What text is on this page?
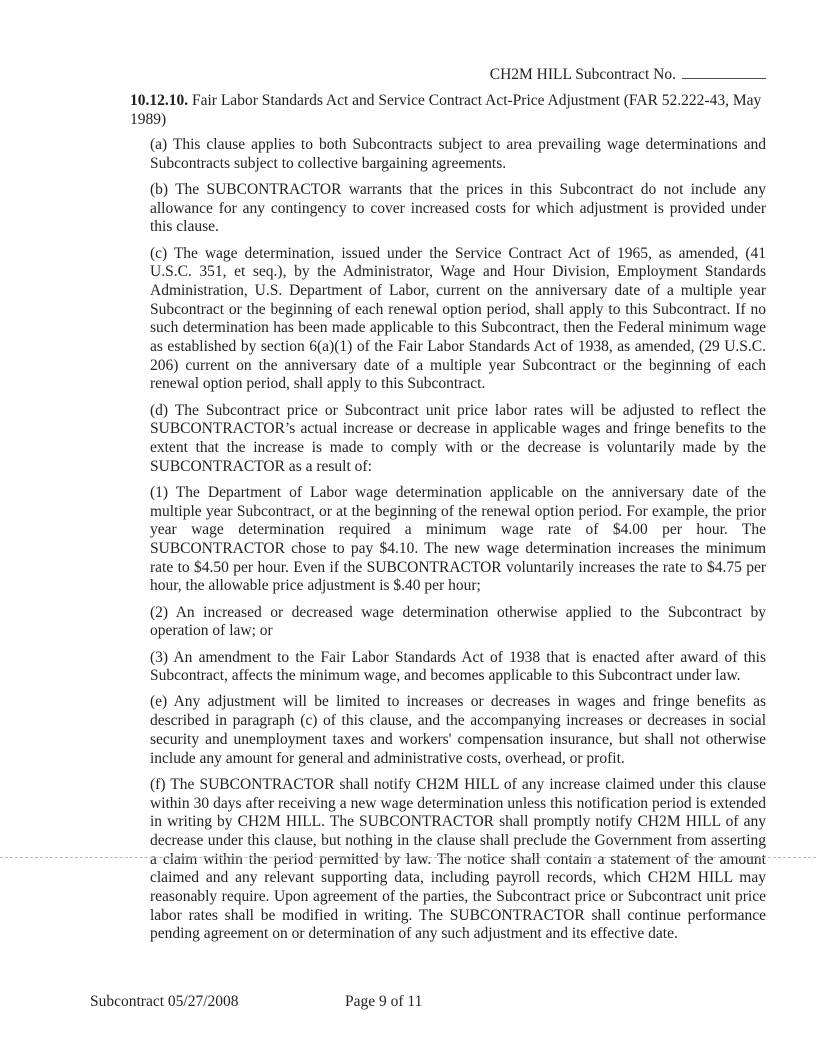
CH2M HILL Subcontract No.
10.12.10. Fair Labor Standards Act and Service Contract Act-Price Adjustment (FAR 52.222-43, May 1989)

(a) This clause applies to both Subcontracts subject to area prevailing wage determinations and Subcontracts subject to collective bargaining agreements.

(b) The SUBCONTRACTOR warrants that the prices in this Subcontract do not include any allowance for any contingency to cover increased costs for which adjustment is provided under this clause.

(c) The wage determination, issued under the Service Contract Act of 1965, as amended, (41 U.S.C. 351, et seq.), by the Administrator, Wage and Hour Division, Employment Standards Administration, U.S. Department of Labor, current on the anniversary date of a multiple year Subcontract or the beginning of each renewal option period, shall apply to this Subcontract. If no such determination has been made applicable to this Subcontract, then the Federal minimum wage as established by section 6(a)(1) of the Fair Labor Standards Act of 1938, as amended, (29 U.S.C. 206) current on the anniversary date of a multiple year Subcontract or the beginning of each renewal option period, shall apply to this Subcontract.

(d) The Subcontract price or Subcontract unit price labor rates will be adjusted to reflect the SUBCONTRACTOR’s actual increase or decrease in applicable wages and fringe benefits to the extent that the increase is made to comply with or the decrease is voluntarily made by the SUBCONTRACTOR as a result of:

(1) The Department of Labor wage determination applicable on the anniversary date of the multiple year Subcontract, or at the beginning of the renewal option period. For example, the prior year wage determination required a minimum wage rate of $4.00 per hour. The SUBCONTRACTOR chose to pay $4.10. The new wage determination increases the minimum rate to $4.50 per hour. Even if the SUBCONTRACTOR voluntarily increases the rate to $4.75 per hour, the allowable price adjustment is $.40 per hour;

(2) An increased or decreased wage determination otherwise applied to the Subcontract by operation of law; or

(3) An amendment to the Fair Labor Standards Act of 1938 that is enacted after award of this Subcontract, affects the minimum wage, and becomes applicable to this Subcontract under law.

(e) Any adjustment will be limited to increases or decreases in wages and fringe benefits as described in paragraph (c) of this clause, and the accompanying increases or decreases in social security and unemployment taxes and workers' compensation insurance, but shall not otherwise include any amount for general and administrative costs, overhead, or profit.

(f) The SUBCONTRACTOR shall notify CH2M HILL of any increase claimed under this clause within 30 days after receiving a new wage determination unless this notification period is extended in writing by CH2M HILL. The SUBCONTRACTOR shall promptly notify CH2M HILL of any decrease under this clause, but nothing in the clause shall preclude the Government from asserting a claim within the period permitted by law. The notice shall contain a statement of the amount claimed and any relevant supporting data, including payroll records, which CH2M HILL may reasonably require. Upon agreement of the parties, the Subcontract price or Subcontract unit price labor rates shall be modified in writing. The SUBCONTRACTOR shall continue performance pending agreement on or determination of any such adjustment and its effective date.

Subcontract 05/27/2008	Page 9 of 11
